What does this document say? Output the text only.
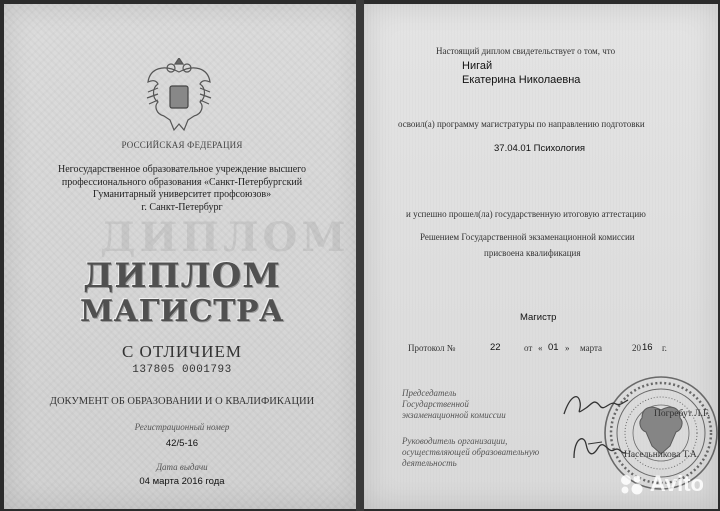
ДИПЛОМ
РОССИЙСКАЯ ФЕДЕРАЦИЯ
Негосударственное образовательное учреждение высшего
профессионального образования «Санкт-Петербургский
Гуманитарный университет профсоюзов»
г. Санкт-Петербург
ДИПЛОМ
МАГИСТРА
С ОТЛИЧИЕМ
137805 0001793
ДОКУМЕНТ ОБ ОБРАЗОВАНИИ И О КВАЛИФИКАЦИИ
Регистрационный номер
42/5-16
Дата выдачи
04 марта 2016 года
Настоящий диплом свидетельствует о том, что
Нигай
Екатерина Николаевна
освоил(а) программу магистратуры по направлению подготовки
37.04.01 Психология
и успешно прошел(ла) государственную итоговую аттестацию
Решением Государственной экзаменационной комиссии
присвоена квалификация
Магистр
Протокол №	22	от « 01 » марта	20 16 г.
Председатель
Государственной
экзаменационной комиссии
Руководитель организации,
осуществляющей образовательную
деятельность
Погребут Л.Г.
Насельникова Т.А.
Avito
